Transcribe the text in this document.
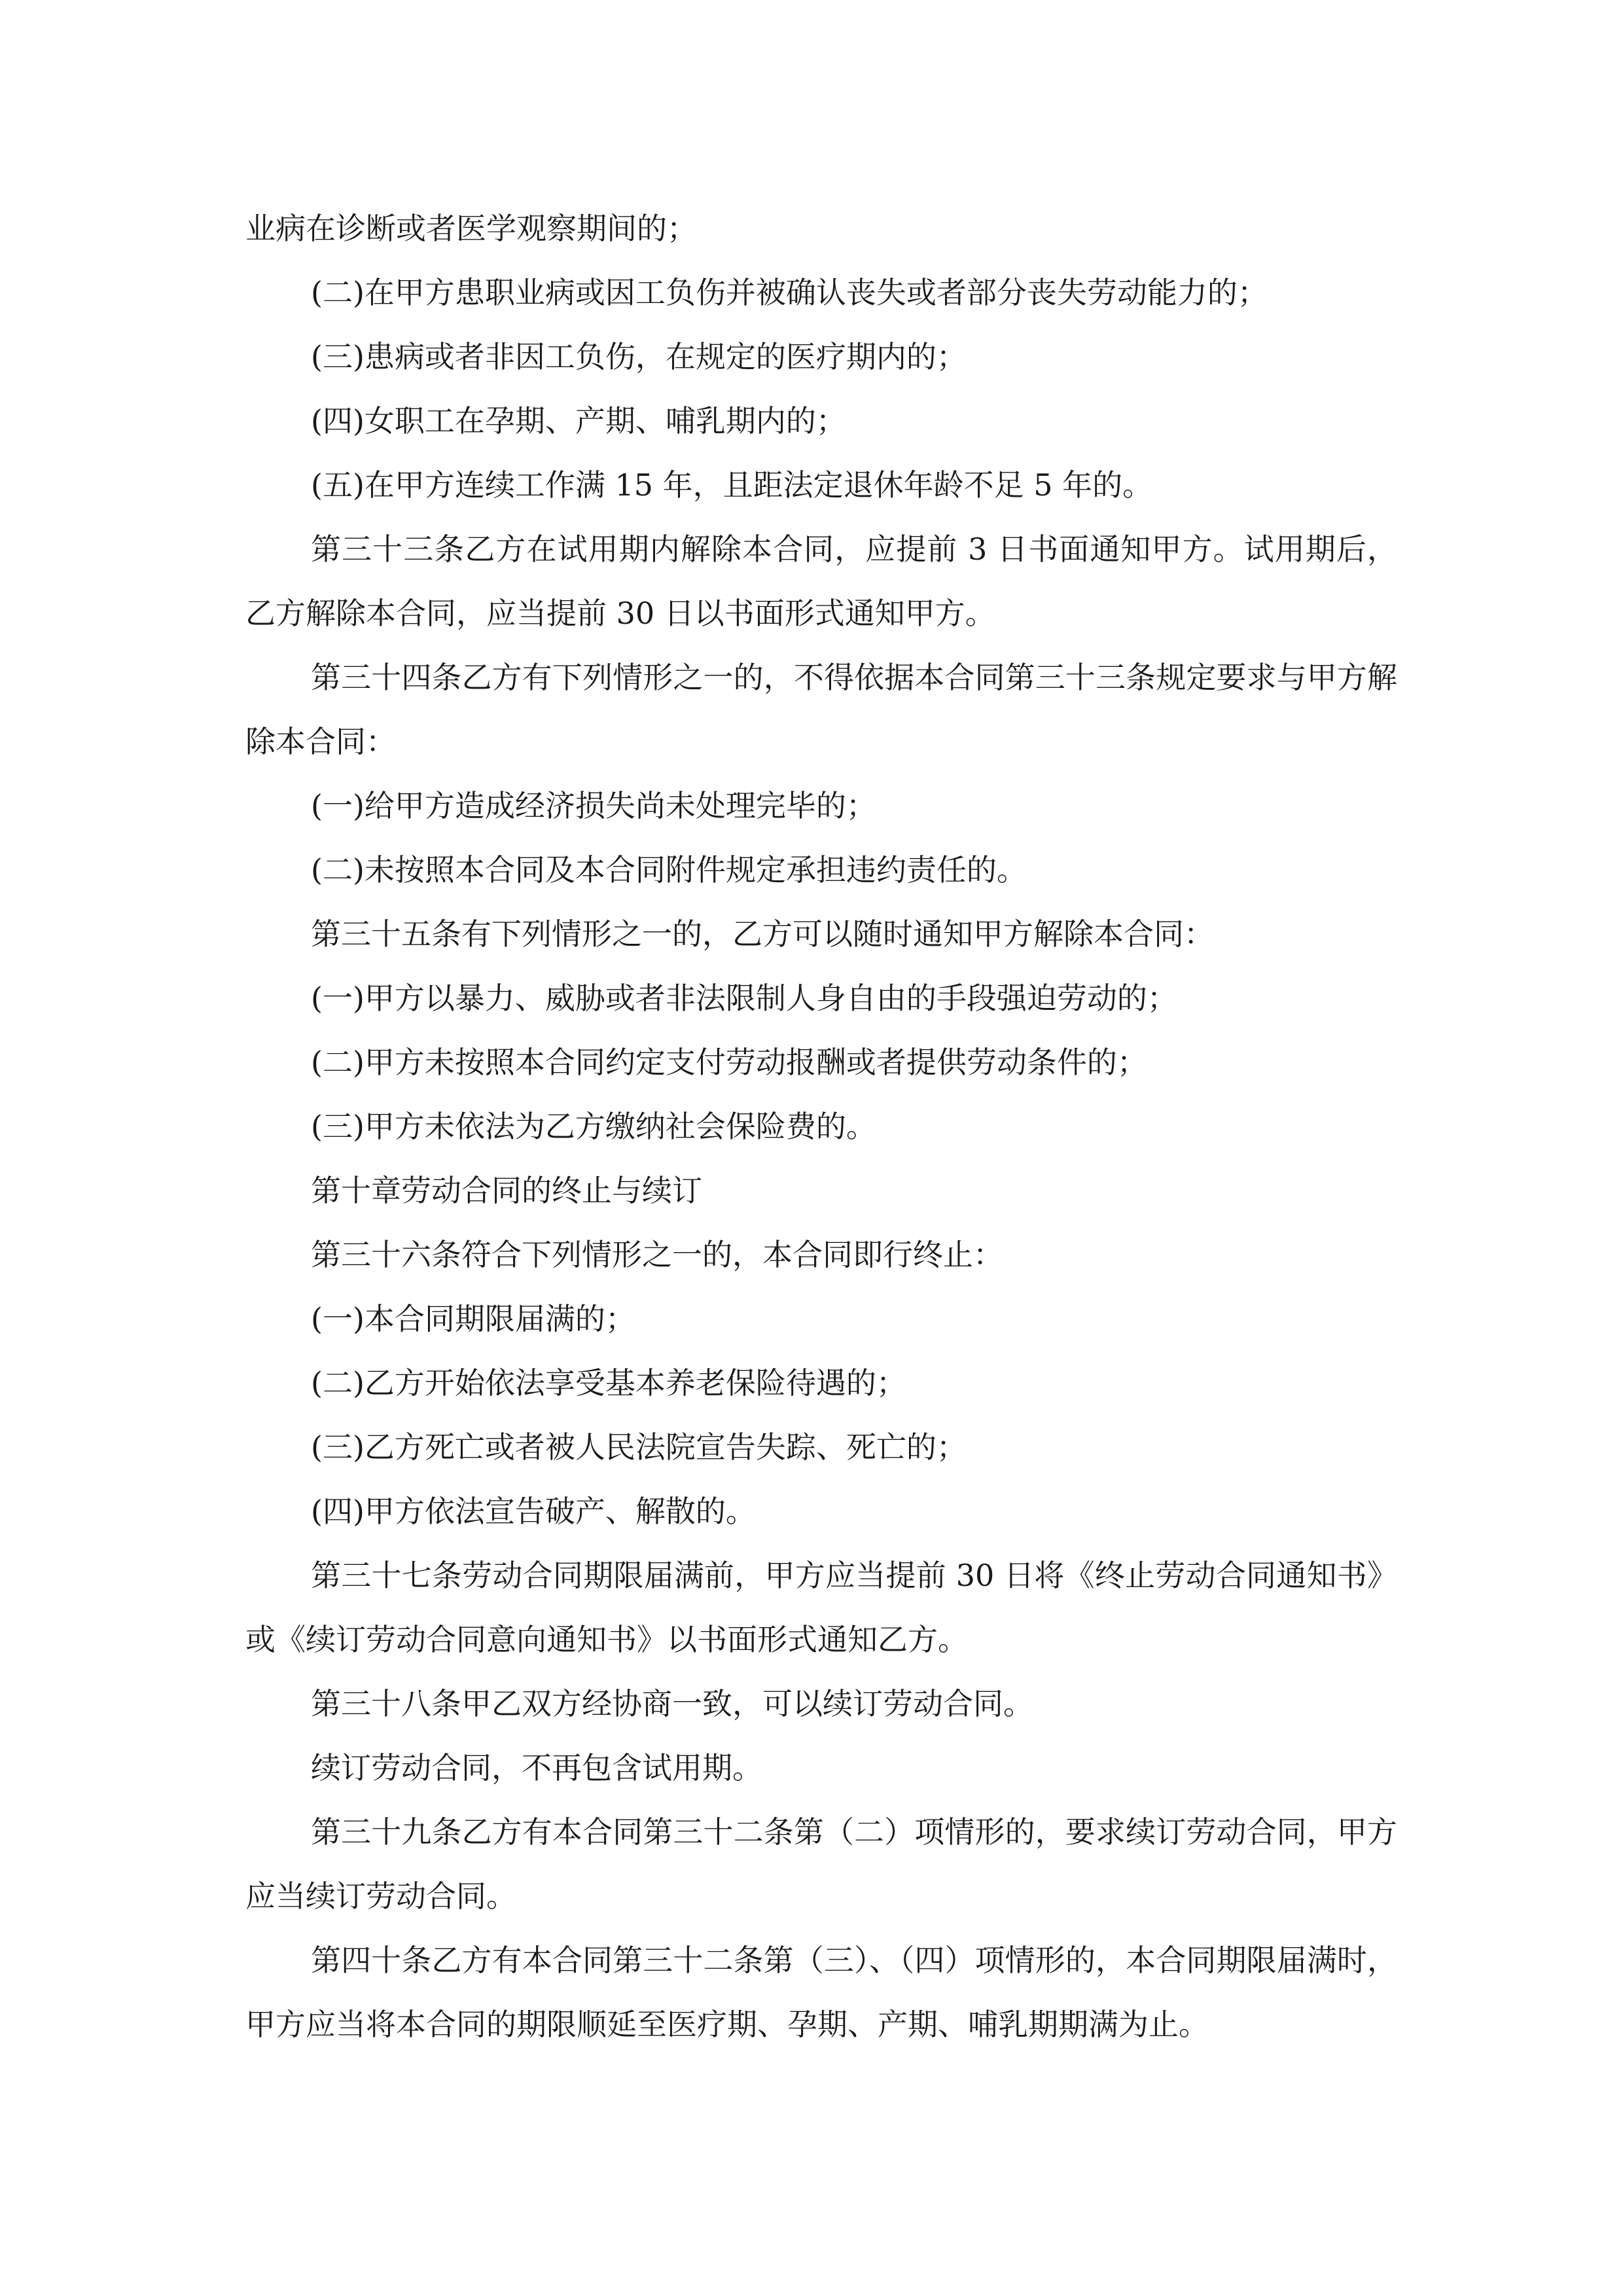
业病在诊断或者医学观察期间的；

(二)在甲方患职业病或因工负伤并被确认丧失或者部分丧失劳动能力的；

(三)患病或者非因工负伤，在规定的医疗期内的；

(四)女职工在孕期、产期、哺乳期内的；

(五)在甲方连续工作满 15 年，且距法定退休年龄不足 5 年的。

第三十三条乙方在试用期内解除本合同，应提前 3 日书面通知甲方。试用期后，乙方解除本合同，应当提前 30 日以书面形式通知甲方。

第三十四条乙方有下列情形之一的，不得依据本合同第三十三条规定要求与甲方解除本合同：

(一)给甲方造成经济损失尚未处理完毕的；

(二)未按照本合同及本合同附件规定承担违约责任的。

第三十五条有下列情形之一的，乙方可以随时通知甲方解除本合同：

(一)甲方以暴力、威胁或者非法限制人身自由的手段强迫劳动的；

(二)甲方未按照本合同约定支付劳动报酬或者提供劳动条件的；

(三)甲方未依法为乙方缴纳社会保险费的。

第十章劳动合同的终止与续订

第三十六条符合下列情形之一的，本合同即行终止：

(一)本合同期限届满的；

(二)乙方开始依法享受基本养老保险待遇的；

(三)乙方死亡或者被人民法院宣告失踪、死亡的；

(四)甲方依法宣告破产、解散的。

第三十七条劳动合同期限届满前，甲方应当提前 30 日将《终止劳动合同通知书》或《续订劳动合同意向通知书》以书面形式通知乙方。

第三十八条甲乙双方经协商一致，可以续订劳动合同。

续订劳动合同，不再包含试用期。

第三十九条乙方有本合同第三十二条第（二）项情形的，要求续订劳动合同，甲方应当续订劳动合同。

第四十条乙方有本合同第三十二条第（三）、（四）项情形的，本合同期限届满时，甲方应当将本合同的期限顺延至医疗期、孕期、产期、哺乳期期满为止。
